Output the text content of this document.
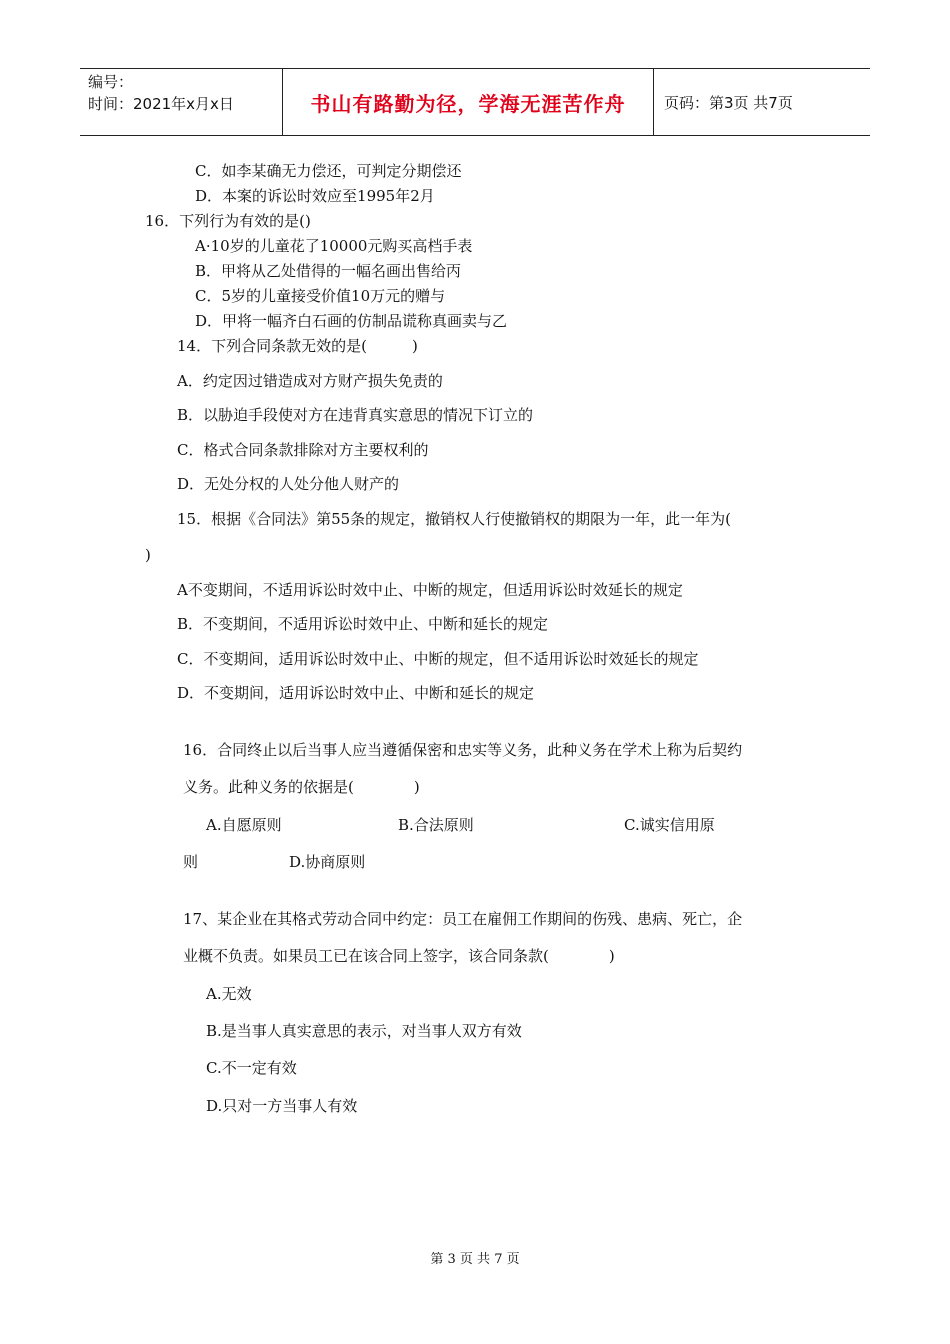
编号：
时间：2021年x月x日	书山有路勤为径，学海无涯苦作舟	页码：第3页 共7页
C．如李某确无力偿还，可判定分期偿还
D．本案的诉讼时效应至1995年2月
16．下列行为有效的是()
A·10岁的儿童花了10000元购买高档手表
B．甲将从乙处借得的一幅名画出售给丙
C．5岁的儿童接受价值10万元的赠与
D．甲将一幅齐白石画的仿制品谎称真画卖与乙
14．下列合同条款无效的是(　　　)
A．约定因过错造成对方财产损失免责的
B．以胁迫手段使对方在违背真实意思的情况下订立的
C．格式合同条款排除对方主要权利的
D．无处分权的人处分他人财产的
15．根据《合同法》第55条的规定，撤销权人行使撤销权的期限为一年，此一年为(
)
A不变期间，不适用诉讼时效中止、中断的规定，但适用诉讼时效延长的规定
B．不变期间，不适用诉讼时效中止、中断和延长的规定
C．不变期间，适用诉讼时效中止、中断的规定，但不适用诉讼时效延长的规定
D．不变期间，适用诉讼时效中止、中断和延长的规定
16．合同终止以后当事人应当遵循保密和忠实等义务，此种义务在学术上称为后契约
义务。此种义务的依据是(　　　　)
A.自愿原则	B.合法原则	C.诚实信用原
则	D.协商原则
17、某企业在其格式劳动合同中约定：员工在雇佣工作期间的伤残、患病、死亡，企
业概不负责。如果员工已在该合同上签字，该合同条款(　　　　)
A.无效
B.是当事人真实意思的表示，对当事人双方有效
C.不一定有效
D.只对一方当事人有效
第 3 页 共 7 页
